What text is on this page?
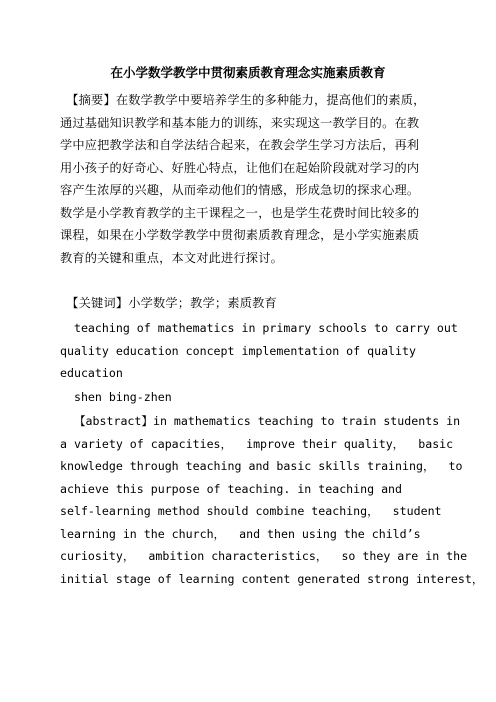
在小学数学教学中贯彻素质教育理念实施素质教育
　【摘要】在数学教学中要培养学生的多种能力，提高他们的素质，
通过基础知识教学和基本能力的训练，来实现这一教学目的。在教
学中应把教学法和自学法结合起来，在教会学生学习方法后，再利
用小孩子的好奇心、好胜心特点，让他们在起始阶段就对学习的内
容产生浓厚的兴趣，从而牵动他们的情感，形成急切的探求心理。
数学是小学教育教学的主干课程之一，也是学生花费时间比较多的
课程，如果在小学数学教学中贯彻素质教育理念，是小学实施素质
教育的关键和重点，本文对此进行探讨。
　【关键词】小学数学；教学；素质教育
teaching of mathematics in primary schools to carry out
quality education concept implementation of quality
education
shen bing-zhen
【abstract】in mathematics teaching to train students in
a variety of capacities，  improve their quality，  basic
knowledge through teaching and basic skills training，  to
achieve this purpose of teaching. in teaching and
self-learning method should combine teaching，  student
learning in the church，  and then using the child’s
curiosity，  ambition characteristics，  so they are in the
initial stage of learning content generated strong interest，
